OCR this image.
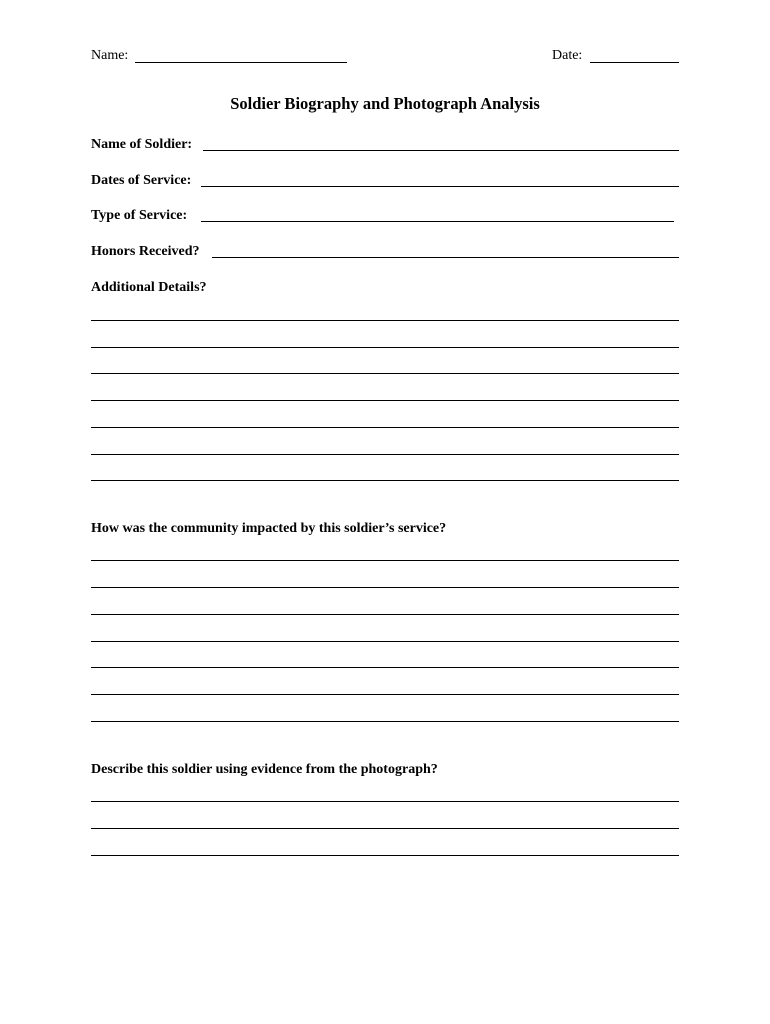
Name:	Date:
Soldier Biography and Photograph Analysis
Name of Soldier:
Dates of Service:
Type of Service:
Honors Received?
Additional Details?
How was the community impacted by this soldier’s service?
Describe this soldier using evidence from the photograph?
